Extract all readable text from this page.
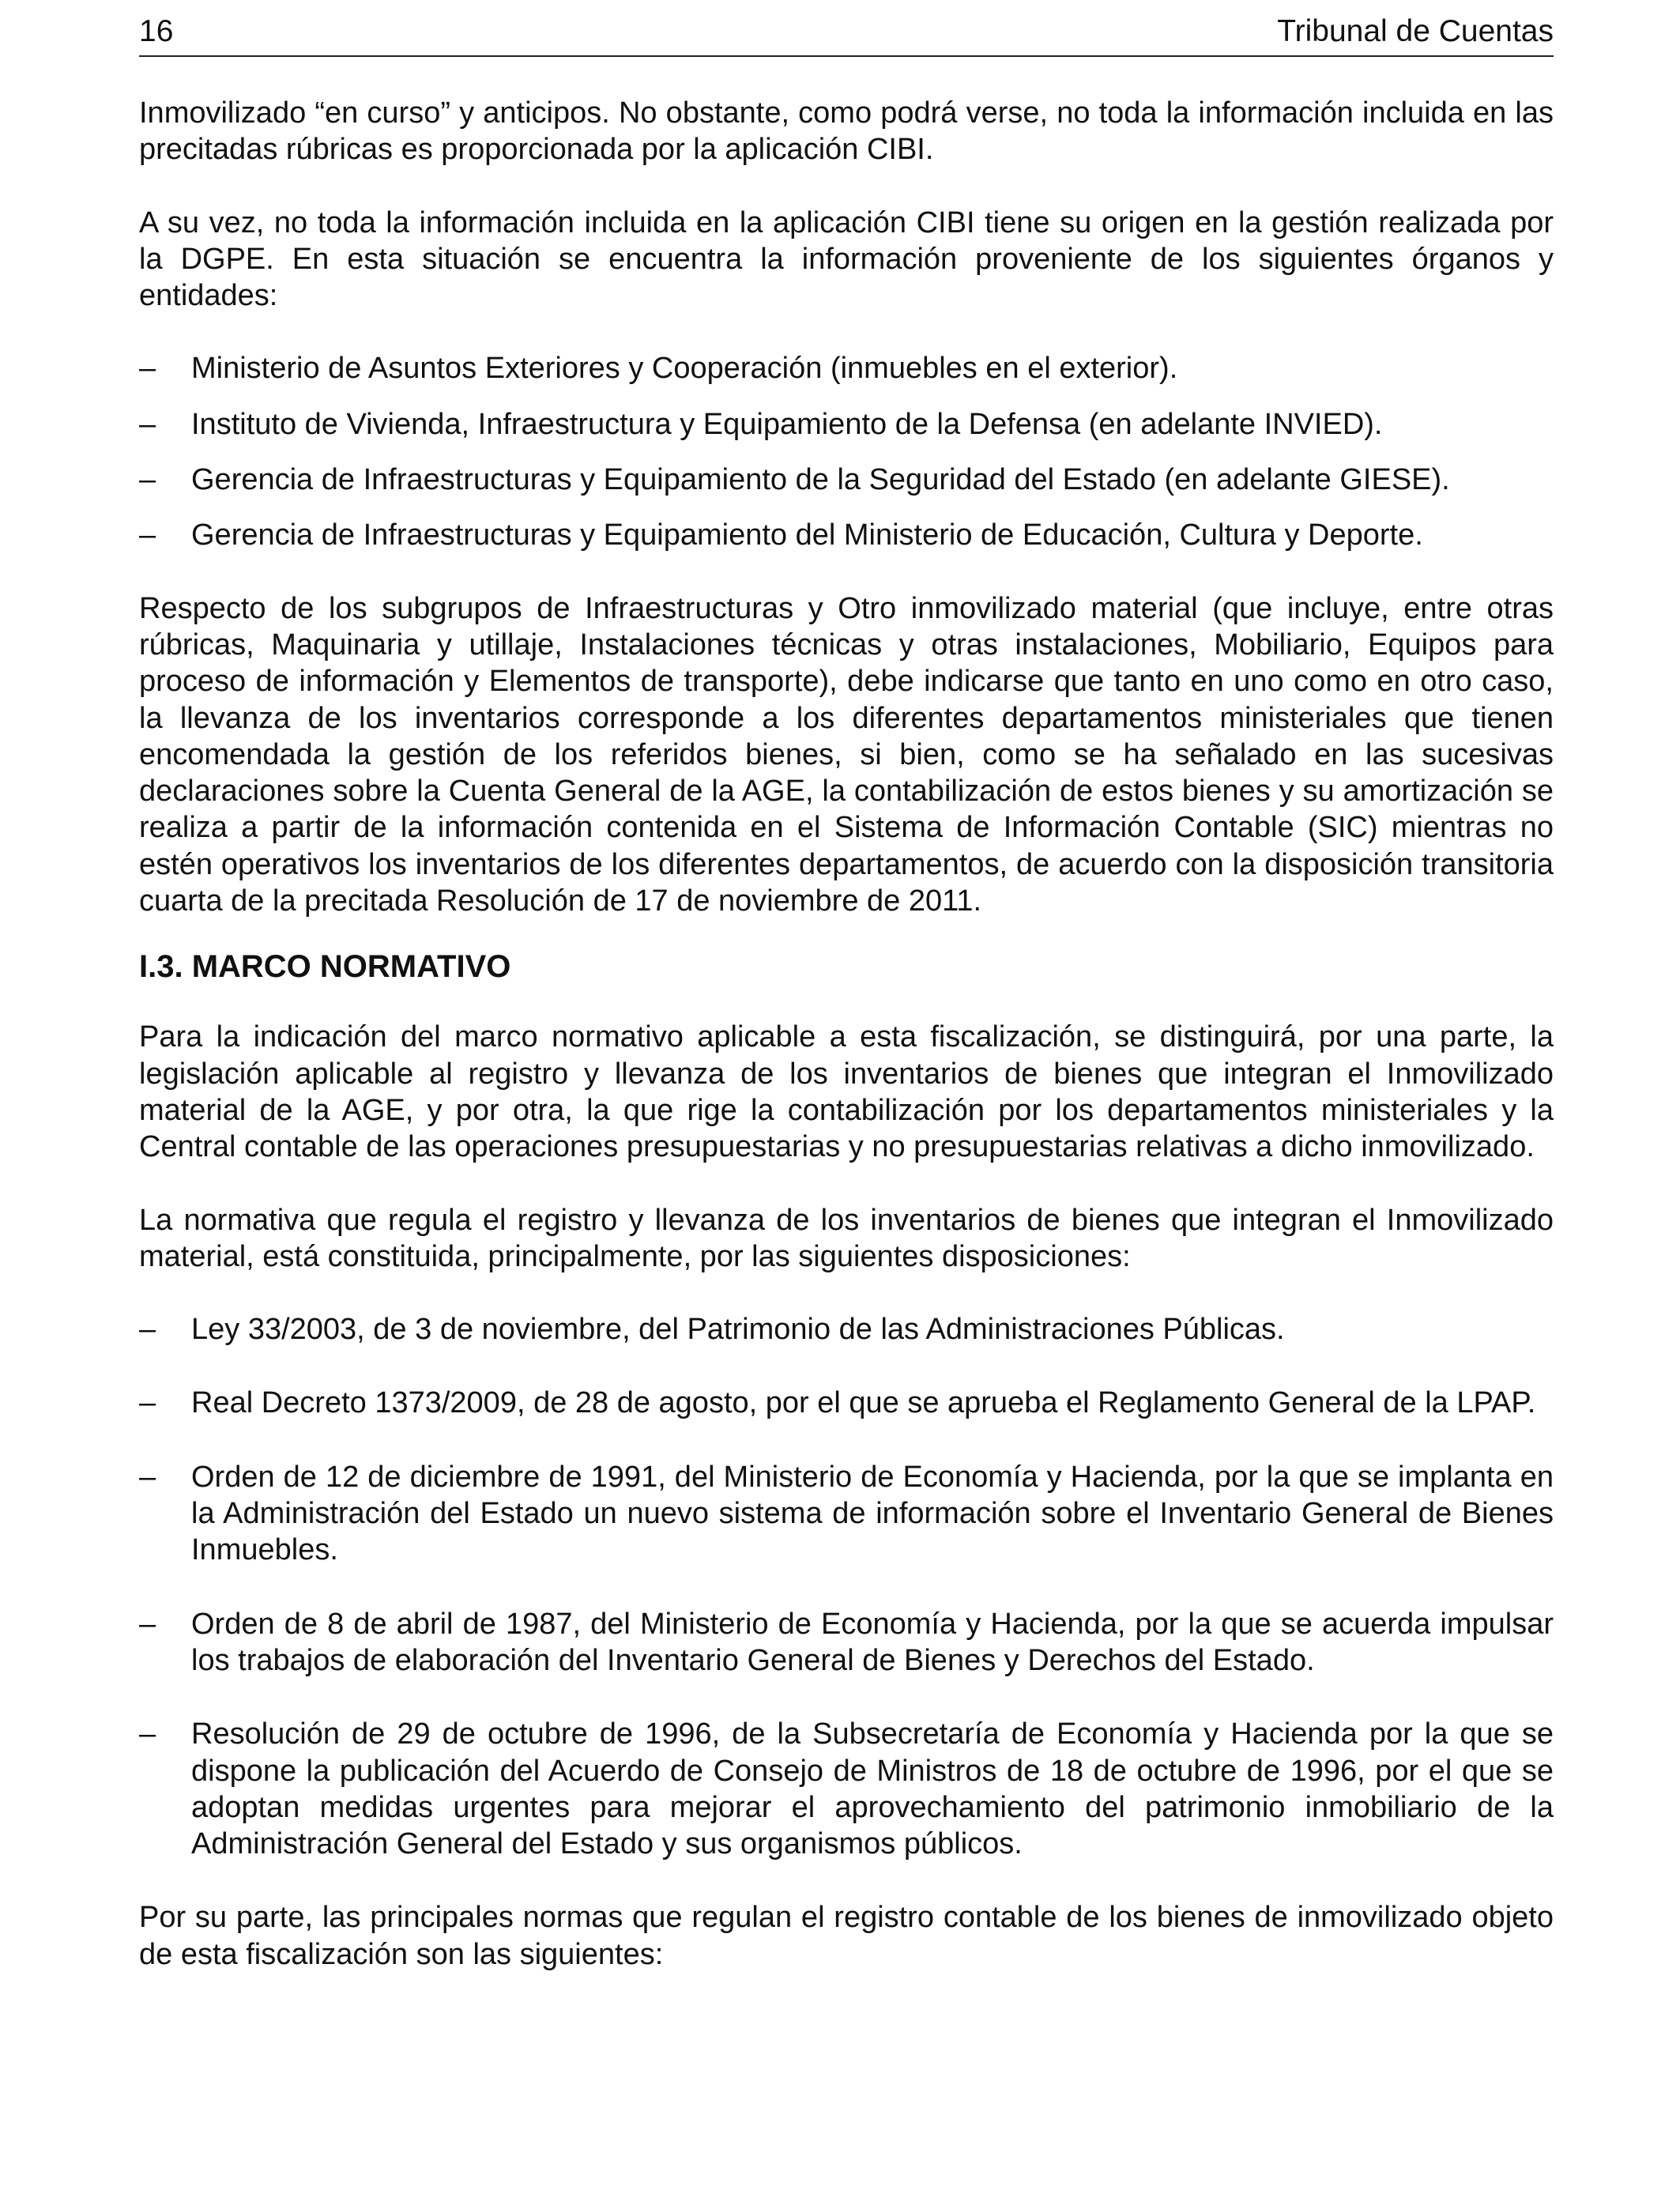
16	Tribunal de Cuentas

Inmovilizado “en curso” y anticipos. No obstante, como podrá verse, no toda la información incluida en las precitadas rúbricas es proporcionada por la aplicación CIBI.

A su vez, no toda la información incluida en la aplicación CIBI tiene su origen en la gestión realizada por la DGPE. En esta situación se encuentra la información proveniente de los siguientes órganos y entidades:

– Ministerio de Asuntos Exteriores y Cooperación (inmuebles en el exterior).
– Instituto de Vivienda, Infraestructura y Equipamiento de la Defensa (en adelante INVIED).
– Gerencia de Infraestructuras y Equipamiento de la Seguridad del Estado (en adelante GIESE).
– Gerencia de Infraestructuras y Equipamiento del Ministerio de Educación, Cultura y Deporte.

Respecto de los subgrupos de Infraestructuras y Otro inmovilizado material (que incluye, entre otras rúbricas, Maquinaria y utillaje, Instalaciones técnicas y otras instalaciones, Mobiliario, Equipos para proceso de información y Elementos de transporte), debe indicarse que tanto en uno como en otro caso, la llevanza de los inventarios corresponde a los diferentes departamentos ministeriales que tienen encomendada la gestión de los referidos bienes, si bien, como se ha señalado en las sucesivas declaraciones sobre la Cuenta General de la AGE, la contabilización de estos bienes y su amortización se realiza a partir de la información contenida en el Sistema de Información Contable (SIC) mientras no estén operativos los inventarios de los diferentes departamentos, de acuerdo con la disposición transitoria cuarta de la precitada Resolución de 17 de noviembre de 2011.

I.3. MARCO NORMATIVO

Para la indicación del marco normativo aplicable a esta fiscalización, se distinguirá, por una parte, la legislación aplicable al registro y llevanza de los inventarios de bienes que integran el Inmovilizado material de la AGE, y por otra, la que rige la contabilización por los departamentos ministeriales y la Central contable de las operaciones presupuestarias y no presupuestarias relativas a dicho inmovilizado.

La normativa que regula el registro y llevanza de los inventarios de bienes que integran el Inmovilizado material, está constituida, principalmente, por las siguientes disposiciones:

– Ley 33/2003, de 3 de noviembre, del Patrimonio de las Administraciones Públicas.
– Real Decreto 1373/2009, de 28 de agosto, por el que se aprueba el Reglamento General de la LPAP.
– Orden de 12 de diciembre de 1991, del Ministerio de Economía y Hacienda, por la que se implanta en la Administración del Estado un nuevo sistema de información sobre el Inventario General de Bienes Inmuebles.
– Orden de 8 de abril de 1987, del Ministerio de Economía y Hacienda, por la que se acuerda impulsar los trabajos de elaboración del Inventario General de Bienes y Derechos del Estado.
– Resolución de 29 de octubre de 1996, de la Subsecretaría de Economía y Hacienda por la que se dispone la publicación del Acuerdo de Consejo de Ministros de 18 de octubre de 1996, por el que se adoptan medidas urgentes para mejorar el aprovechamiento del patrimonio inmobiliario de la Administración General del Estado y sus organismos públicos.

Por su parte, las principales normas que regulan el registro contable de los bienes de inmovilizado objeto de esta fiscalización son las siguientes:
